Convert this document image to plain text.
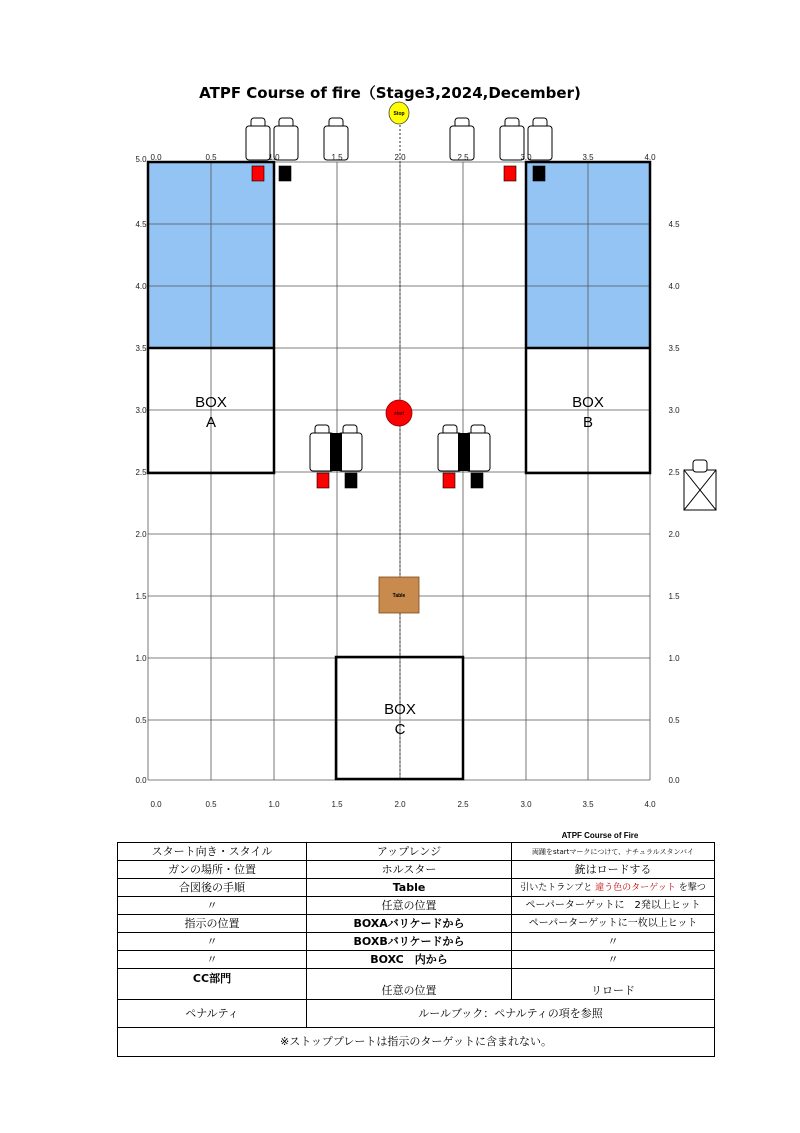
ATPF Course of fire（Stage3,2024,December)
BOX
A
BOX
B
BOX
C
Stop
start
Table
0.0	0.5	1.0	1.5	2.0	2.5	3.0	3.5	4.0
0.0	0.5	1.0	1.5	2.0	2.5	3.0	3.5	4.0
5.0
4.5
4.0
3.5
3.0
2.5
2.0
1.5
1.0
0.5
0.0
4.5
4.0
3.5
3.0
2.5
2.0
1.5
1.0
0.5
0.0
ATPF Course of Fire
スタート向き・スタイル	アップレンジ	両踵をstartマークにつけて、ナチュラルスタンバイ
ガンの場所・位置	ホルスター	銃はロードする
合図後の手順	Table	引いたトランプと 違う色のターゲット を撃つ
〃	任意の位置	ペーパーターゲットに　2発以上ヒット
指示の位置	BOXAバリケードから	ペーパーターゲットに一枚以上ヒット
〃	BOXBバリケードから	〃
〃	BOXC　内から	〃
CC部門	任意の位置	リロード
ペナルティ	ルールブック：ペナルティの項を参照	
※ストッププレートは指示のターゲットに含まれない。		
